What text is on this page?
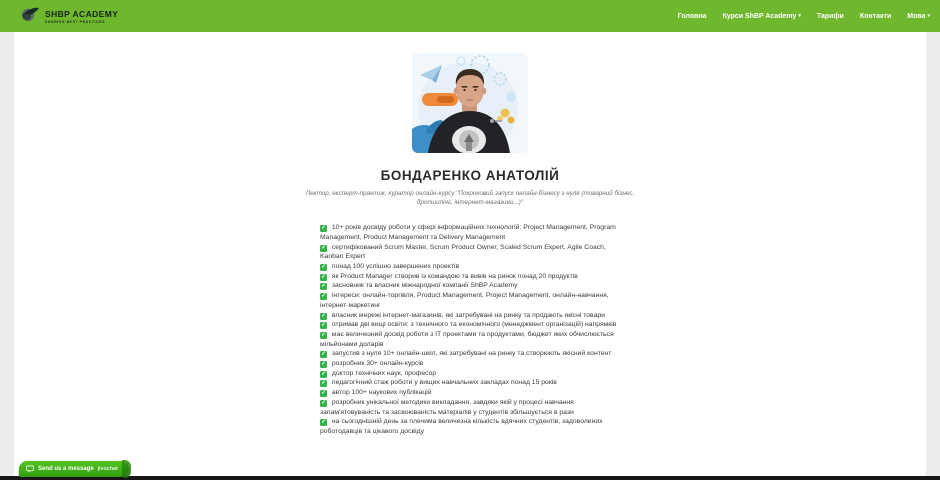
SHBP ACADEMY
SHARING BEST PRACTICES
Головна Курси ShBP Academy ▾ Тарифи Контакти Мова ▾
БОНДАРЕНКО АНАТОЛІЙ

Лектор, експерт-практик, куратор онлайн-курсу "Покроковий запуск онлайн-бізнесу з нуля (товарний бізнес, дропшипінг, інтернет-магазини...)"

✓ 10+ років досвіду роботи у сфері інформаційних технологій: Project Management, Program Management, Product Management та Delivery Management
✓ сертифікований Scrum Master, Scrum Product Owner, Scaled Scrum Expert, Agile Coach, Kanban Expert
✓ понад 100 успішно завершених проектів
✓ як Product Manager створив із командою та вивів на ринок понад 20 продуктів
✓ засновник та власник міжнародної компанії ShBP Academy
✓ інтереси: онлайн-торгівля, Product Management, Project Management, онлайн-навчання, інтернет-маркетинг
✓ власник мережі інтернет-магазинів, які затребувані на ринку та продають якісні товари
✓ отримав дві вищі освіти: з технічного та економічного (менеджмент організацій) напрямків
✓ має величезний досвід роботи з ІТ проектами та продуктами, бюджет яких обчислюється мільйонами доларів
✓ запустив з нуля 10+ онлайн-шкіл, які затребувані на ринку та створюють якісний контент
✓ розробник 30+ онлайн-курсів
✓ доктор технічних наук, професор
✓ педагогічний стаж роботи у вищих навчальних закладах понад 15 років
✓ автор 100+ наукових публікацій
✓ розробник унікальної методики викладання, завдяки якій у процесі навчання запам'ятовуваність та засвоюваність матеріалів у студентів збільшується в рази
✓ на сьогоднішній день за плечима величезна кількість вдячних студентів, задоволених роботодавців та цікавого досвіду
Send us a message jivochat
